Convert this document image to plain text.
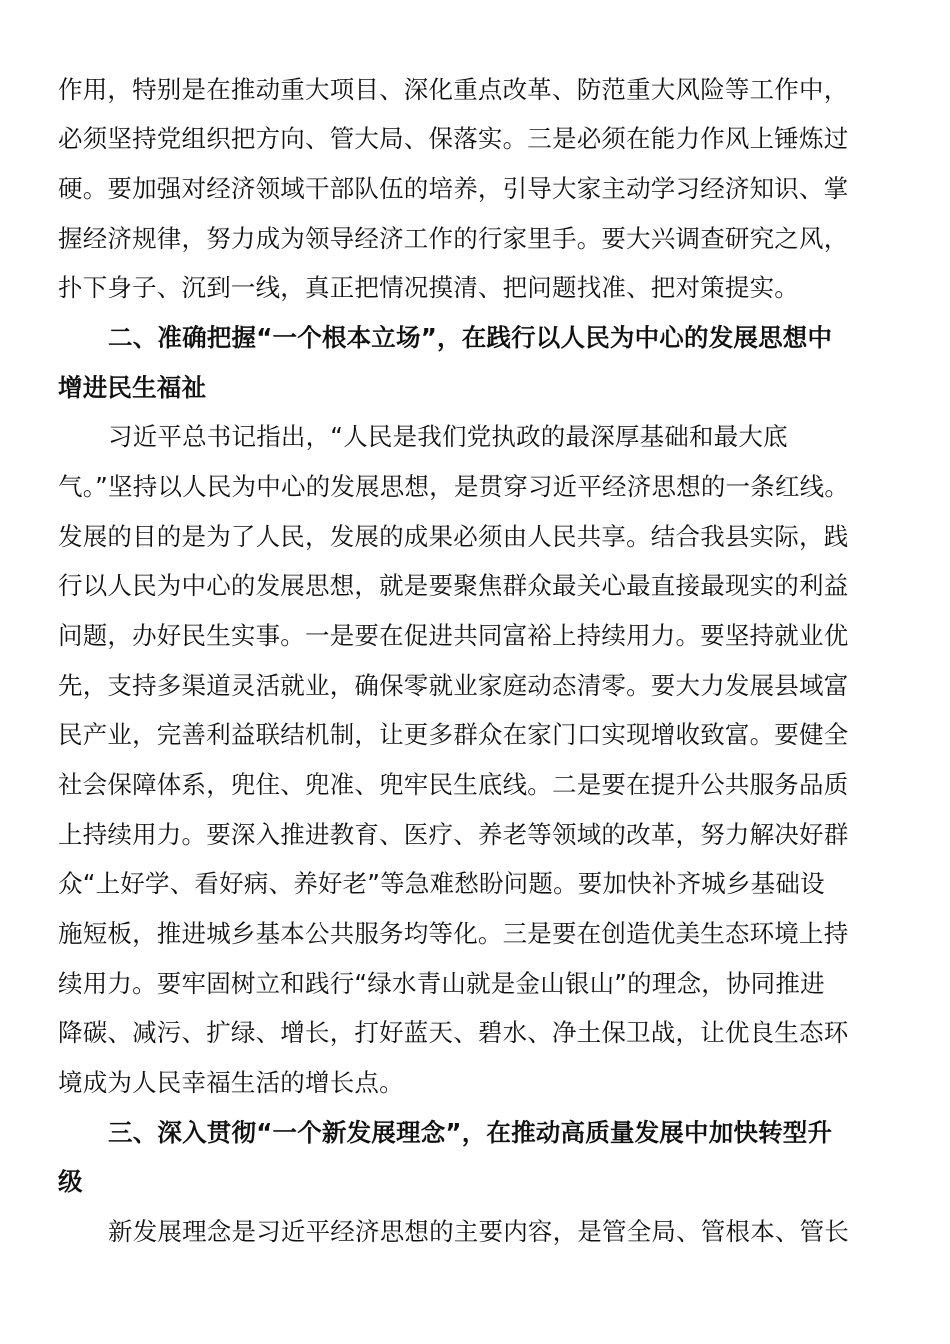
作用，特别是在推动重大项目、深化重点改革、防范重大风险等工作中，
必须坚持党组织把方向、管大局、保落实。三是必须在能力作风上锤炼过
硬。要加强对经济领域干部队伍的培养，引导大家主动学习经济知识、掌
握经济规律，努力成为领导经济工作的行家里手。要大兴调查研究之风，
扑下身子、沉到一线，真正把情况摸清、把问题找准、把对策提实。
二、准确把握“一个根本立场”，在践行以人民为中心的发展思想中
增进民生福祉
习近平总书记指出，“人民是我们党执政的最深厚基础和最大底
气。”坚持以人民为中心的发展思想，是贯穿习近平经济思想的一条红线。
发展的目的是为了人民，发展的成果必须由人民共享。结合我县实际，践
行以人民为中心的发展思想，就是要聚焦群众最关心最直接最现实的利益
问题，办好民生实事。一是要在促进共同富裕上持续用力。要坚持就业优
先，支持多渠道灵活就业，确保零就业家庭动态清零。要大力发展县域富
民产业，完善利益联结机制，让更多群众在家门口实现增收致富。要健全
社会保障体系，兜住、兜准、兜牢民生底线。二是要在提升公共服务品质
上持续用力。要深入推进教育、医疗、养老等领域的改革，努力解决好群
众“上好学、看好病、养好老”等急难愁盼问题。要加快补齐城乡基础设
施短板，推进城乡基本公共服务均等化。三是要在创造优美生态环境上持
续用力。要牢固树立和践行“绿水青山就是金山银山”的理念，协同推进
降碳、减污、扩绿、增长，打好蓝天、碧水、净土保卫战，让优良生态环
境成为人民幸福生活的增长点。
三、深入贯彻“一个新发展理念”，在推动高质量发展中加快转型升
级
新发展理念是习近平经济思想的主要内容，是管全局、管根本、管长
